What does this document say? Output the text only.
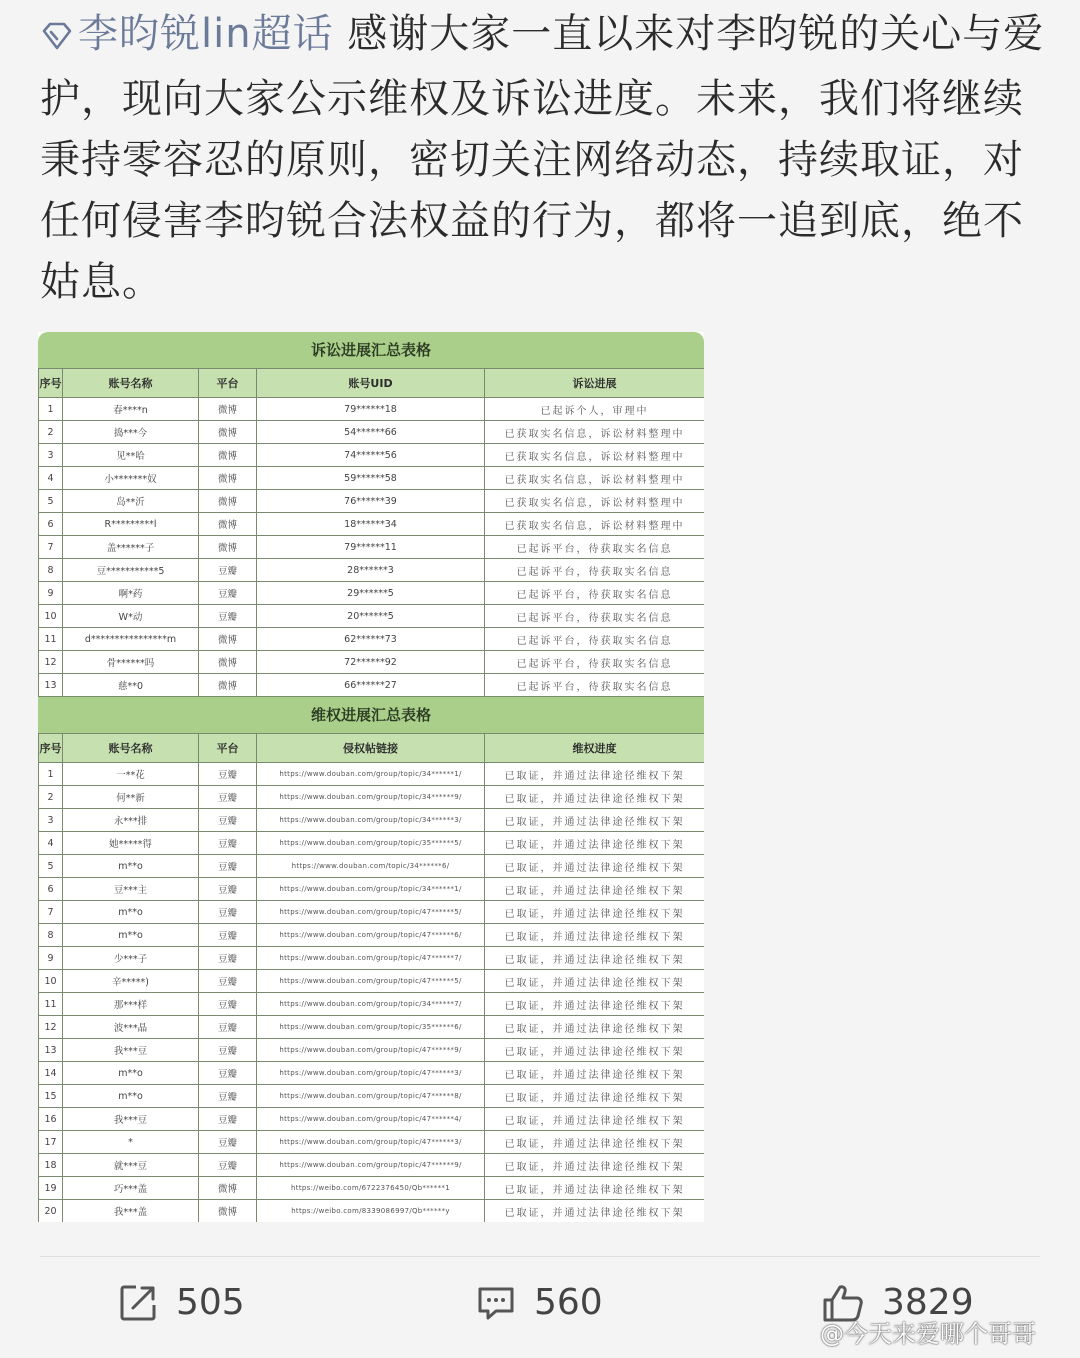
李昀锐lin超话 感谢大家一直以来对李昀锐的关心与爱护，现向大家公示维权及诉讼进度。未来，我们将继续秉持零容忍的原则，密切关注网络动态，持续取证，对任何侵害李昀锐合法权益的行为，都将一追到底，绝不姑息。
诉讼进展汇总表格
序号	账号名称	平台	账号UID	诉讼进展
1	春****n	微博	79******18	已起诉个人，审理中
2	捣***今	微博	54******66	已获取实名信息，诉讼材料整理中
3	见**哈	微博	74******56	已获取实名信息，诉讼材料整理中
4	小*******奴	微博	59******58	已获取实名信息，诉讼材料整理中
5	岛**沂	微博	76******39	已获取实名信息，诉讼材料整理中
6	R*********l	微博	18******34	已获取实名信息，诉讼材料整理中
7	盖******子	微博	79******11	已起诉平台，待获取实名信息
8	豆***********5	豆瓣	28******3	已起诉平台，待获取实名信息
9	啊*药	豆瓣	29******5	已起诉平台，待获取实名信息
10	W*动	豆瓣	20******5	已起诉平台，待获取实名信息
11	d****************m	微博	62******73	已起诉平台，待获取实名信息
12	骨******吗	微博	72******92	已起诉平台，待获取实名信息
13	慈**0	微博	66******27	已起诉平台，待获取实名信息
维权进展汇总表格
序号	账号名称	平台	侵权帖链接	维权进度
1	一**花	豆瓣	https://www.douban.com/group/topic/34******1/	已取证，并通过法律途径维权下架
2	何**新	豆瓣	https://www.douban.com/group/topic/34******9/	已取证，并通过法律途径维权下架
3	永***排	豆瓣	https://www.douban.com/group/topic/34******3/	已取证，并通过法律途径维权下架
4	她*****得	豆瓣	https://www.douban.com/group/topic/35******5/	已取证，并通过法律途径维权下架
5	m**o	豆瓣	https://www.douban.com/topic/34******6/	已取证，并通过法律途径维权下架
6	豆***主	豆瓣	https://www.douban.com/group/topic/34******1/	已取证，并通过法律途径维权下架
7	m**o	豆瓣	https://www.douban.com/group/topic/47******5/	已取证，并通过法律途径维权下架
8	m**o	豆瓣	https://www.douban.com/group/topic/47******6/	已取证，并通过法律途径维权下架
9	少***子	豆瓣	https://www.douban.com/group/topic/47******7/	已取证，并通过法律途径维权下架
10	辛*****)	豆瓣	https://www.douban.com/group/topic/47******5/	已取证，并通过法律途径维权下架
11	那***样	豆瓣	https://www.douban.com/group/topic/34******7/	已取证，并通过法律途径维权下架
12	波***晶	豆瓣	https://www.douban.com/group/topic/35******6/	已取证，并通过法律途径维权下架
13	我***豆	豆瓣	https://www.douban.com/group/topic/47******9/	已取证，并通过法律途径维权下架
14	m**o	豆瓣	https://www.douban.com/group/topic/47******3/	已取证，并通过法律途径维权下架
15	m**o	豆瓣	https://www.douban.com/group/topic/47******8/	已取证，并通过法律途径维权下架
16	我***豆	豆瓣	https://www.douban.com/group/topic/47******4/	已取证，并通过法律途径维权下架
17	*	豆瓣	https://www.douban.com/group/topic/47******3/	已取证，并通过法律途径维权下架
18	就***豆	豆瓣	https://www.douban.com/group/topic/47******9/	已取证，并通过法律途径维权下架
19	巧***盖	微博	https://weibo.com/6722376450/Qb******1	已取证，并通过法律途径维权下架
20	我***盖	微博	https://weibo.com/8339086997/Qb******y	已取证，并通过法律途径维权下架
505	560	3829
@今天来爱哪个哥哥
